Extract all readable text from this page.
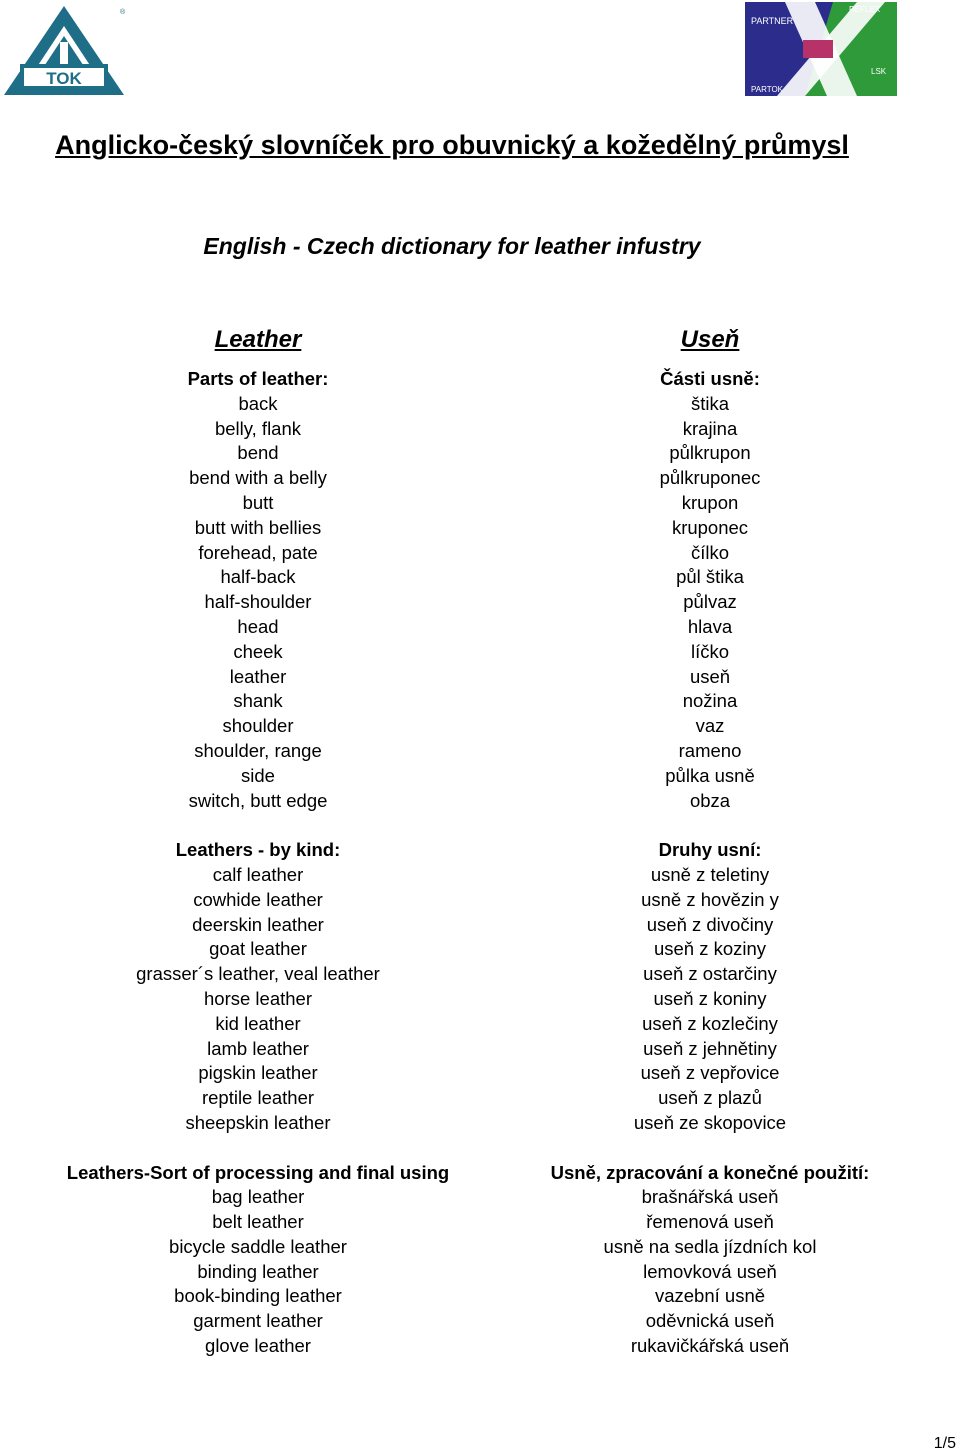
TOK
®
PARTNER
REFLEX
PARTOK
LSK
Anglicko-český slovníček pro obuvnický a kožedělný průmysl
English - Czech dictionary for leather infustry
Leather
Parts of leather:
back
belly, flank
bend
bend with a belly
butt
butt with bellies
forehead, pate
half-back
half-shoulder
head
cheek
leather
shank
shoulder
shoulder, range
side
switch, butt edge
Leathers - by kind:
calf leather
cowhide leather
deerskin leather
goat leather
grasser´s leather, veal leather
horse leather
kid leather
lamb leather
pigskin leather
reptile leather
sheepskin leather
Leathers-Sort of processing and final using
bag leather
belt leather
bicycle saddle leather
binding leather
book-binding leather
garment leather
glove leather
Useň
Části usně:
štika
krajina
půlkrupon
půlkruponec
krupon
kruponec
čílko
půl štika
půlvaz
hlava
líčko
useň
nožina
vaz
rameno
půlka usně
obza
Druhy usní:
usně z teletiny
usně z hovězin y
useň z divočiny
useň z koziny
useň z ostarčiny
useň z koniny
useň z kozlečiny
useň z jehnětiny
useň z vepřovice
useň z plazů
useň ze skopovice
Usně, zpracování a konečné použití:
brašnářská useň
řemenová useň
usně na sedla jízdních kol
lemovková useň
vazební usně
oděvnická useň
rukavičkářská useň
1/5
